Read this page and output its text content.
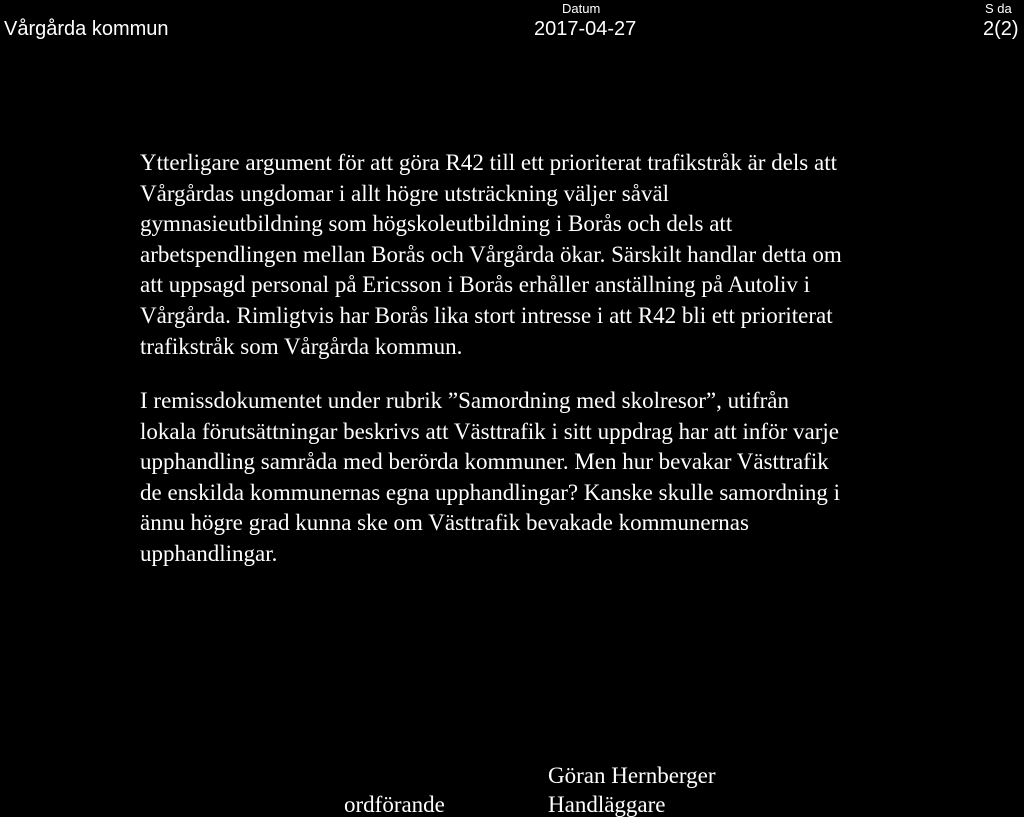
Vårgårda kommun
Datum
2017-04-27
S da
2(2)
Ytterligare argument för att göra R42 till ett prioriterat trafikstråk är dels att
Vårgårdas ungdomar i allt högre utsträckning väljer såväl
gymnasieutbildning som högskoleutbildning i Borås och dels att
arbetspendlingen mellan Borås och Vårgårda ökar. Särskilt handlar detta om
att uppsagd personal på Ericsson i Borås erhåller anställning på Autoliv i
Vårgårda. Rimligtvis har Borås lika stort intresse i att R42 bli ett prioriterat
trafikstråk som Vårgårda kommun.
I remissdokumentet under rubrik ”Samordning med skolresor”, utifrån
lokala förutsättningar beskrivs att Västtrafik i sitt uppdrag har att inför varje
upphandling samråda med berörda kommuner. Men hur bevakar Västtrafik
de enskilda kommunernas egna upphandlingar? Kanske skulle samordning i
ännu högre grad kunna ske om Västtrafik bevakade kommunernas
upphandlingar.
ordförande
Göran Hernberger
Handläggare
